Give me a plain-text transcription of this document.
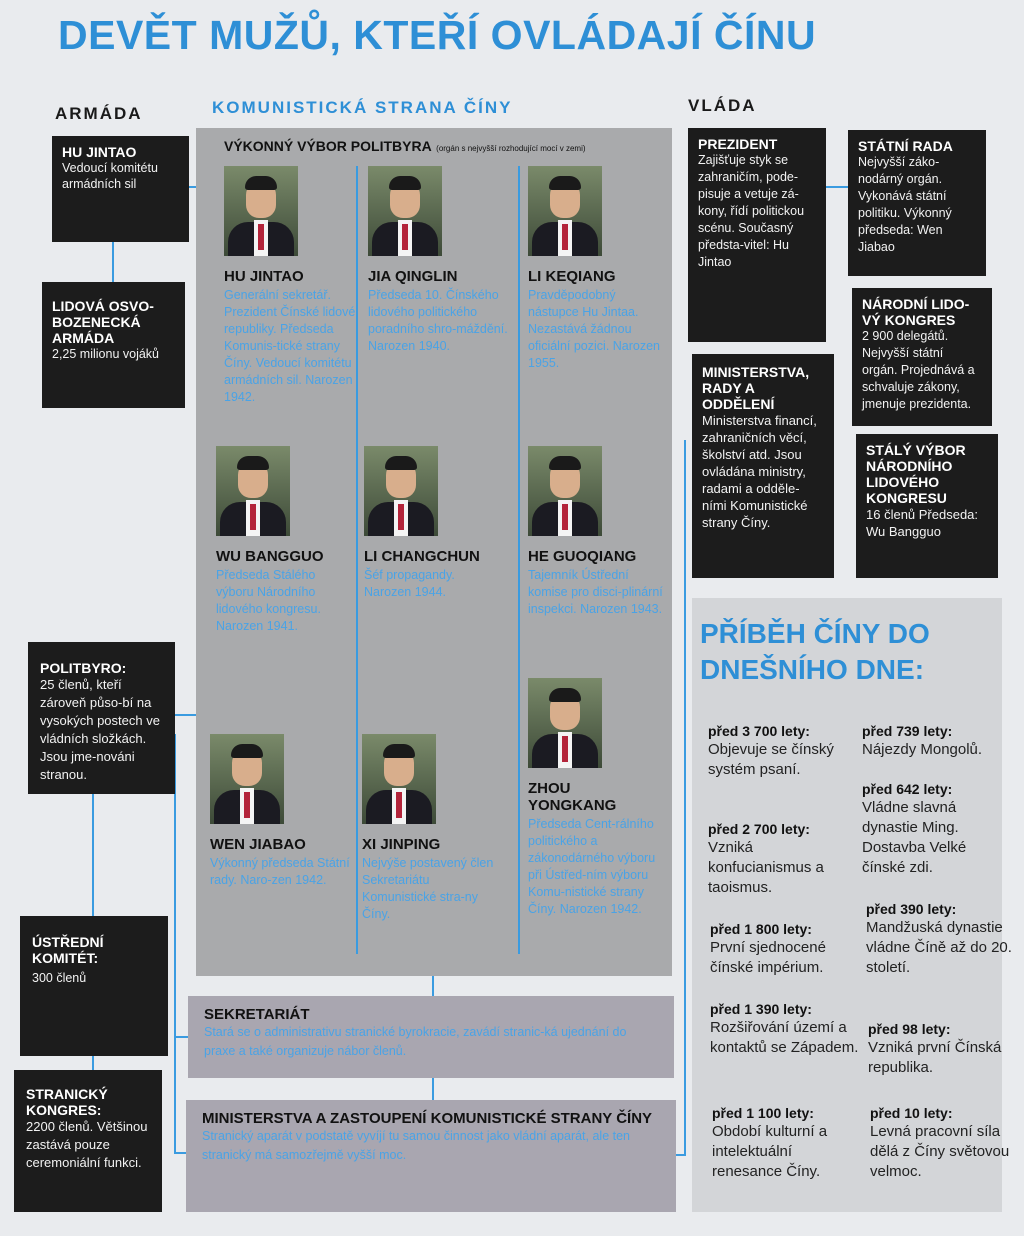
DEVĚT MUŽŮ, KTEŘÍ OVLÁDAJÍ ČÍNU
ARMÁDA	KOMUNISTICKÁ STRANA ČÍNY	VLÁDA
HU JINTAO
Vedoucí komitétu armádních sil
LIDOVÁ OSVO-BOZENECKÁ ARMÁDA
2,25 milionu vojáků
POLITBYRO:
25 členů, kteří zároveň půso-bí na vysokých postech ve vládních složkách. Jsou jme-nováni stranou.
ÚSTŘEDNÍ KOMITÉT:
300 členů
STRANICKÝ KONGRES:
2200 členů. Většinou zastává pouze ceremoniální funkci.
VÝKONNÝ VÝBOR POLITBYRA (orgán s nejvyšší rozhodující mocí v zemi)
HU JINTAO
Generální sekretář. Prezident Čínské lidové republiky. Předseda Komunis-tické strany Číny. Vedoucí komitétu armádních sil. Narozen 1942.
JIA QINGLIN
Předseda 10. Čínského lidového politického poradního shro-máždění. Narozen 1940.
LI KEQIANG
Pravděpodobný nástupce Hu Jintaa. Nezastává žádnou oficiální pozici. Narozen 1955.
WU BANGGUO
Předseda Stálého výboru Národního lidového kongresu. Narozen 1941.
LI CHANGCHUN
Šéf propagandy. Narozen 1944.
HE GUOQIANG
Tajemník Ústřední komise pro disci-plinární inspekci. Narozen 1943.
WEN JIABAO
Výkonný předseda Státní rady. Naro-zen 1942.
XI JINPING
Nejvýše postavený člen Sekretariátu Komunistické stra-ny Číny.
ZHOU YONGKANG
Předseda Cent-rálního politického a zákonodárného výboru při Ústřed-ním výboru Komu-nistické strany Číny. Narozen 1942.
SEKRETARIÁT
Stará se o administrativu stranické byrokracie, zavádí stranic-ká ujednání do praxe a také organizuje nábor členů.
MINISTERSTVA A ZASTOUPENÍ KOMUNISTICKÉ STRANY ČÍNY
Stranický aparát v podstatě vyvíjí tu samou činnost jako vládní aparát, ale ten stranický má samozřejmě vyšší moc.
PREZIDENT
Zajišťuje styk se zahraničím, pode-pisuje a vetuje zá-kony, řídí politickou scénu. Současný předsta-vitel: Hu Jintao
STÁTNÍ RADA
Nejvyšší záko-nodárný orgán. Vykonává státní politiku. Výkonný předseda: Wen Jiabao
NÁRODNÍ LIDO-VÝ KONGRES
2 900 delegátů. Nejvyšší státní orgán. Projednává a schvaluje zákony, jmenuje prezidenta.
MINISTERSTVA, RADY A ODDĚLENÍ
Ministerstva financí, zahraničních věcí, školství atd. Jsou ovládána ministry, radami a odděle-ními Komunistické strany Číny.
STÁLÝ VÝBOR NÁRODNÍHO LIDOVÉHO KONGRESU
16 členů Předseda: Wu Bangguo
PŘÍBĚH ČÍNY DO DNEŠNÍHO DNE:
před 3 700 lety:
Objevuje se čínský systém psaní.
před 2 700 lety:
Vzniká konfucianismus a taoismus.
před 1 800 lety:
První sjednocené čínské impérium.
před 1 390 lety:
Rozšiřování území a kontaktů se Západem.
před 1 100 lety:
Období kulturní a intelektuální renesance Číny.
před 739 lety:
Nájezdy Mongolů.
před 642 lety:
Vládne slavná dynastie Ming. Dostavba Velké čínské zdi.
před 390 lety:
Mandžuská dynastie vládne Číně až do 20. století.
před 98 lety:
Vzniká první Čínská republika.
před 10 lety:
Levná pracovní síla dělá z Číny světovou velmoc.
